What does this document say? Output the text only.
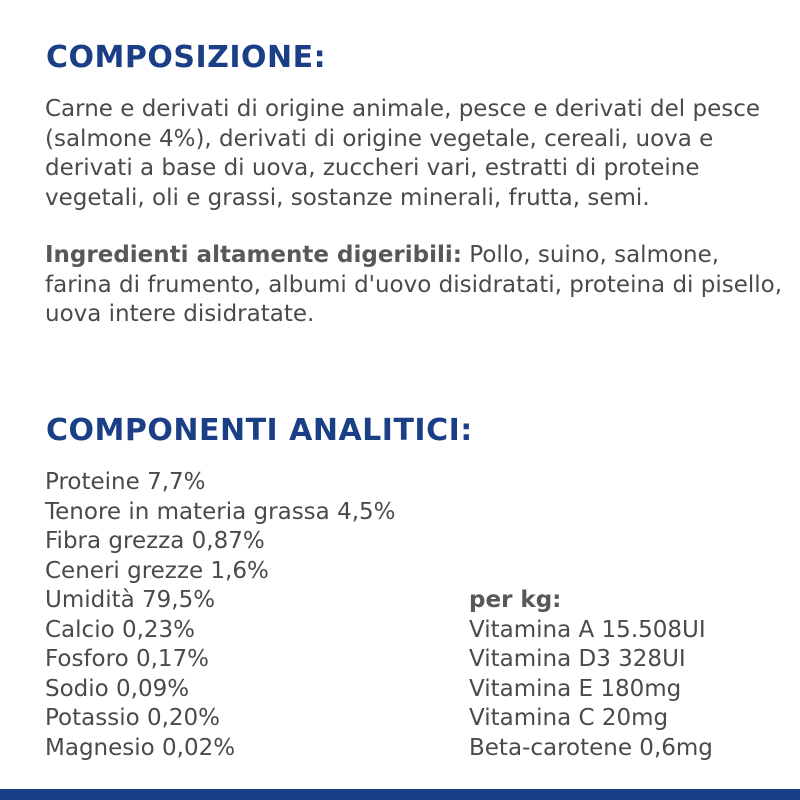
COMPOSIZIONE:

Carne e derivati di origine animale, pesce e derivati del pesce (salmone 4%), derivati di origine vegetale, cereali, uova e derivati a base di uova, zuccheri vari, estratti di proteine vegetali, oli e grassi, sostanze minerali, frutta, semi.

Ingredienti altamente digeribili: Pollo, suino, salmone, farina di frumento, albumi d'uovo disidratati, proteina di pisello, uova intere disidratate.

COMPONENTI ANALITICI:
Proteine 7,7%
Tenore in materia grassa 4,5%
Fibra grezza 0,87%
Ceneri grezze 1,6%
Umidità 79,5%
Calcio 0,23%
Fosforo 0,17%
Sodio 0,09%
Potassio 0,20%
Magnesio 0,02%
per kg:
Vitamina A 15.508UI
Vitamina D3 328UI
Vitamina E 180mg
Vitamina C 20mg
Beta-carotene 0,6mg
